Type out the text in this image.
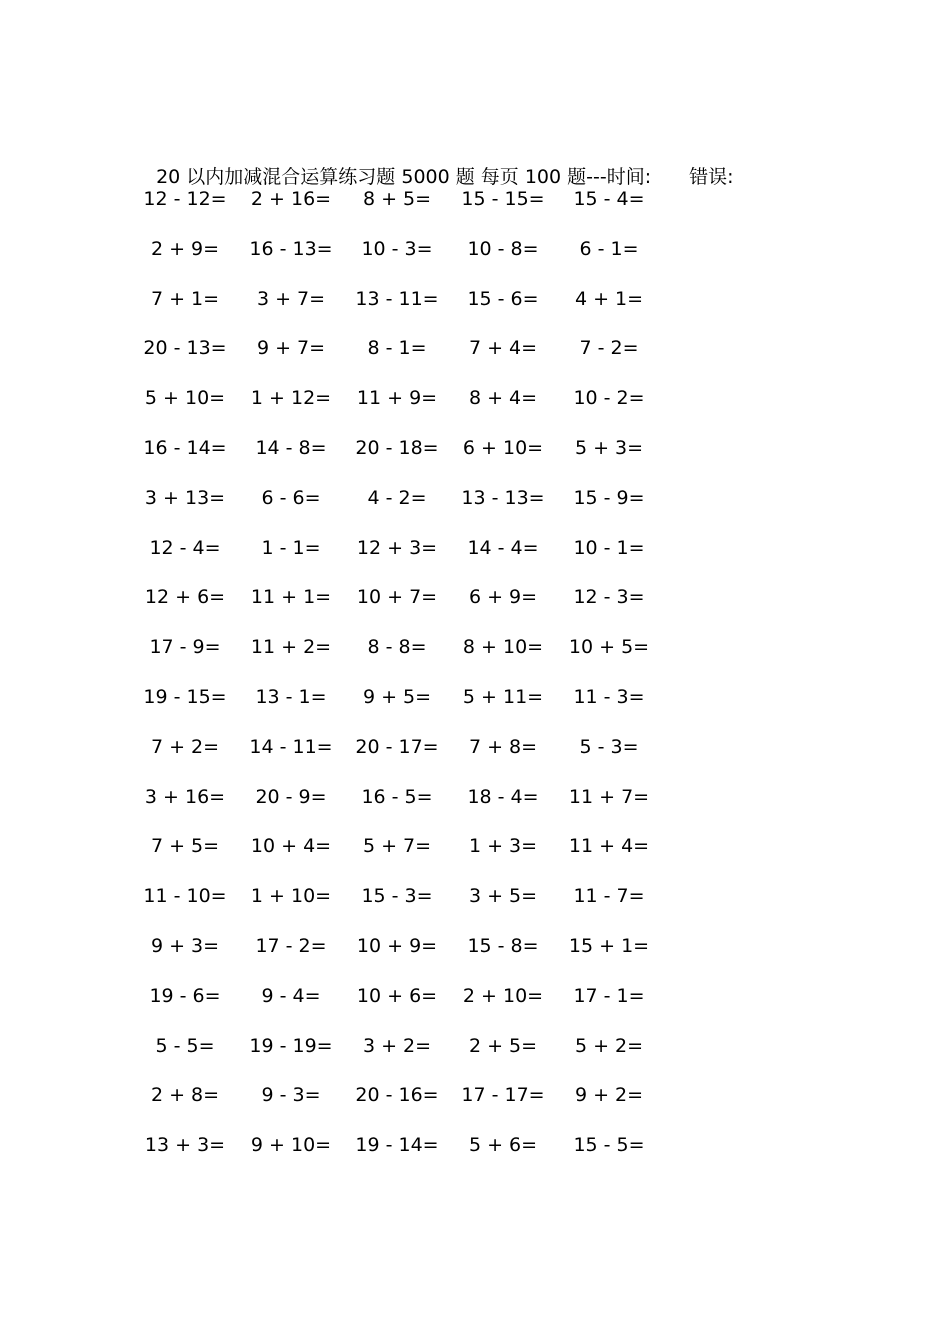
20 以内加减混合运算练习题 5000 题 每页 100 题---时间: 错误:

12 - 12=	2 + 16=	8 + 5=	15 - 15=	15 - 4=
2 + 9=	16 - 13=	10 - 3=	10 - 8=	6 - 1=
7 + 1=	3 + 7=	13 - 11=	15 - 6=	4 + 1=
20 - 13=	9 + 7=	8 - 1=	7 + 4=	7 - 2=
5 + 10=	1 + 12=	11 + 9=	8 + 4=	10 - 2=
16 - 14=	14 - 8=	20 - 18=	6 + 10=	5 + 3=
3 + 13=	6 - 6=	4 - 2=	13 - 13=	15 - 9=
12 - 4=	1 - 1=	12 + 3=	14 - 4=	10 - 1=
12 + 6=	11 + 1=	10 + 7=	6 + 9=	12 - 3=
17 - 9=	11 + 2=	8 - 8=	8 + 10=	10 + 5=
19 - 15=	13 - 1=	9 + 5=	5 + 11=	11 - 3=
7 + 2=	14 - 11=	20 - 17=	7 + 8=	5 - 3=
3 + 16=	20 - 9=	16 - 5=	18 - 4=	11 + 7=
7 + 5=	10 + 4=	5 + 7=	1 + 3=	11 + 4=
11 - 10=	1 + 10=	15 - 3=	3 + 5=	11 - 7=
9 + 3=	17 - 2=	10 + 9=	15 - 8=	15 + 1=
19 - 6=	9 - 4=	10 + 6=	2 + 10=	17 - 1=
5 - 5=	19 - 19=	3 + 2=	2 + 5=	5 + 2=
2 + 8=	9 - 3=	20 - 16=	17 - 17=	9 + 2=
13 + 3=	9 + 10=	19 - 14=	5 + 6=	15 - 5=
